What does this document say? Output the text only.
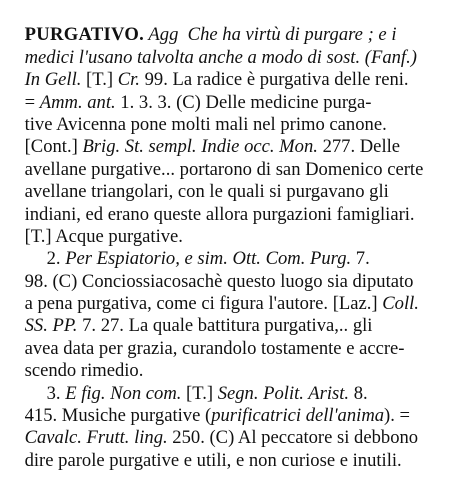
PURGATIVO. Agg  Che ha virtù di purgare ; e i

medici l'usano talvolta anche a modo di sost. (Fanf.)

In Gell. [T.] Cr. 99. La radice è purgativa delle reni.

= Amm. ant. 1. 3. 3. (C) Delle medicine purga-

tive Avicenna pone molti mali nel primo canone.

[Cont.] Brig. St. sempl. Indie occ. Mon. 277. Delle

avellane purgative... portarono di san Domenico certe

avellane triangolari, con le quali si purgavano gli

indiani, ed erano queste allora purgazioni famigliari.

[T.] Acque purgative.

2. Per Espiatorio, e sim. Ott. Com. Purg. 7.

98. (C) Conciossiacosachè questo luogo sia diputato

a pena purgativa, come ci figura l'autore. [Laz.] Coll.

SS. PP. 7. 27. La quale battitura purgativa,.. gli

avea data per grazia, curandolo tostamente e accre-

scendo rimedio.

3. E fig. Non com. [T.] Segn. Polit. Arist. 8.

415. Musiche purgative (purificatrici dell'anima). =

Cavalc. Frutt. ling. 250. (C) Al peccatore si debbono

dire parole purgative e utili, e non curiose e inutili.
